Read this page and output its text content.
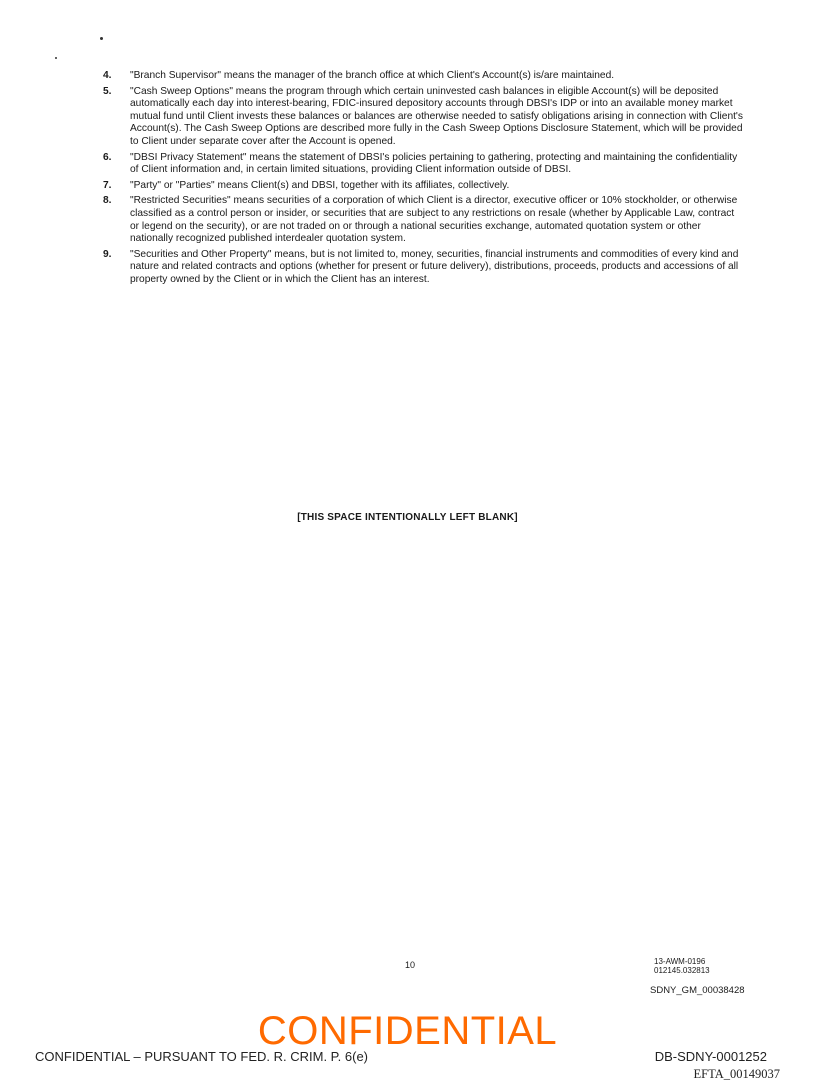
4. "Branch Supervisor" means the manager of the branch office at which Client's Account(s) is/are maintained.
5. "Cash Sweep Options" means the program through which certain uninvested cash balances in eligible Account(s) will be deposited automatically each day into interest-bearing, FDIC-insured depository accounts through DBSI's IDP or into an available money market mutual fund until Client invests these balances or balances are otherwise needed to satisfy obligations arising in connection with Client's Account(s). The Cash Sweep Options are described more fully in the Cash Sweep Options Disclosure Statement, which will be provided to Client under separate cover after the Account is opened.
6. "DBSI Privacy Statement" means the statement of DBSI's policies pertaining to gathering, protecting and maintaining the confidentiality of Client information and, in certain limited situations, providing Client information outside of DBSI.
7. "Party" or "Parties" means Client(s) and DBSI, together with its affiliates, collectively.
8. "Restricted Securities" means securities of a corporation of which Client is a director, executive officer or 10% stockholder, or otherwise classified as a control person or insider, or securities that are subject to any restrictions on resale (whether by Applicable Law, contract or legend on the security), or are not traded on or through a national securities exchange, automated quotation system or other nationally recognized published interdealer quotation system.
9. "Securities and Other Property" means, but is not limited to, money, securities, financial instruments and commodities of every kind and nature and related contracts and options (whether for present or future delivery), distributions, proceeds, products and accessions of all property owned by the Client or in which the Client has an interest.
[THIS SPACE INTENTIONALLY LEFT BLANK]
10	13-AWM-0196
012145.032813
SDNY_GM_00038428
CONFIDENTIAL
CONFIDENTIAL – PURSUANT TO FED. R. CRIM. P. 6(e)	DB-SDNY-0001252
EFTA_00149037
